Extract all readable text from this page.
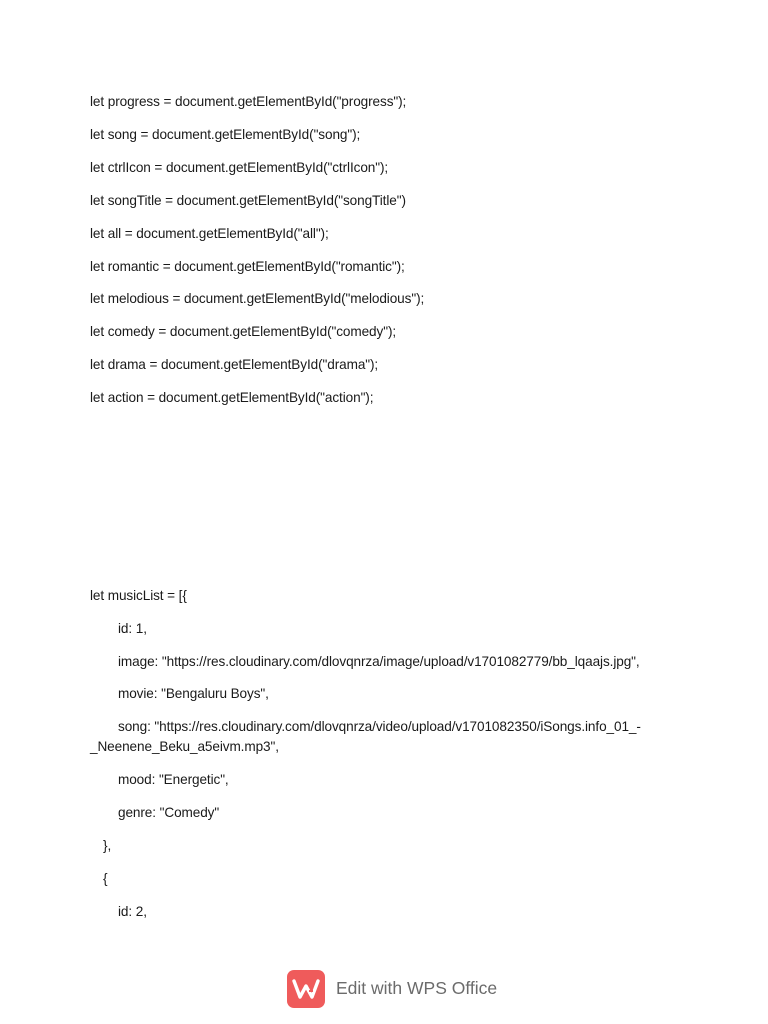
let progress = document.getElementById("progress");
let song = document.getElementById("song");
let ctrlIcon = document.getElementById("ctrlIcon");
let songTitle = document.getElementById("songTitle")
let all = document.getElementById("all");
let romantic = document.getElementById("romantic");
let melodious = document.getElementById("melodious");
let comedy = document.getElementById("comedy");
let drama = document.getElementById("drama");
let action = document.getElementById("action");
let musicList = [{
id: 1,
image: "https://res.cloudinary.com/dlovqnrza/image/upload/v1701082779/bb_lqaajs.jpg",
movie: "Bengaluru Boys",
song: "https://res.cloudinary.com/dlovqnrza/video/upload/v1701082350/iSongs.info_01_-
_Neenene_Beku_a5eivm.mp3",
mood: "Energetic",
genre: "Comedy"
},
{
id: 2,
Edit with WPS Office
